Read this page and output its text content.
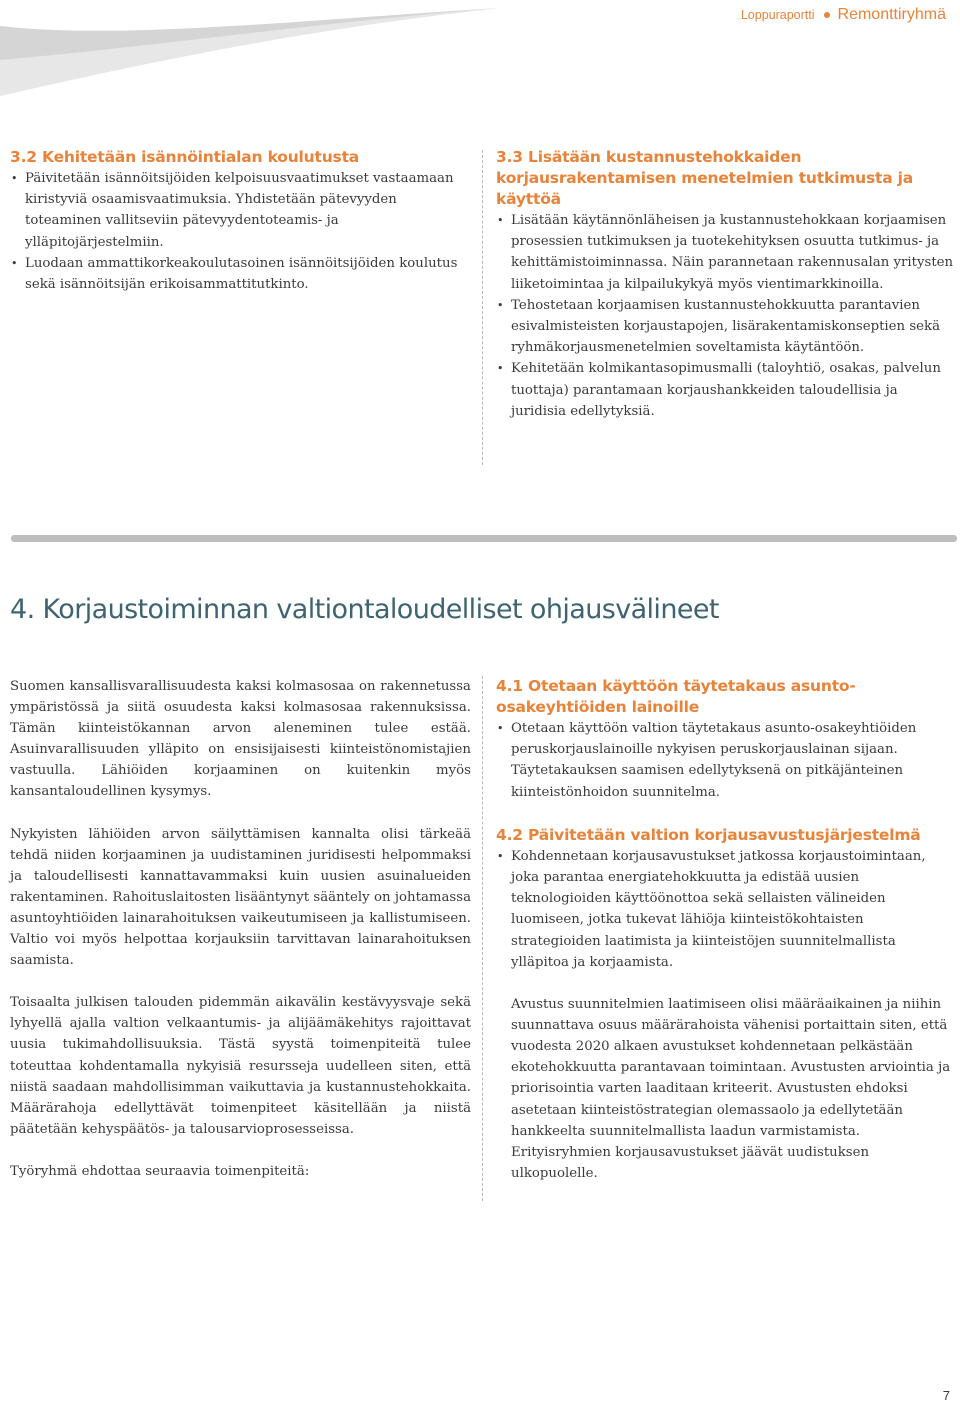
Loppuraportti Remonttiryhmä
3.2 Kehitetään isännöintialan koulutusta
• Päivitetään isännöitsijöiden kelpoisuusvaatimukset vastaamaan kiristyviä osaamisvaatimuksia. Yhdistetään pätevyyden toteaminen vallitseviin pätevyydentoteamis- ja ylläpitojärjestelmiin.
• Luodaan ammattikorkeakoulutasoinen isännöitsijöiden koulutus sekä isännöitsijän erikoisammattitutkinto.
3.3 Lisätään kustannustehokkaiden korjausrakentamisen menetelmien tutkimusta ja käyttöä
• Lisätään käytännönläheisen ja kustannustehokkaan korjaamisen prosessien tutkimuksen ja tuotekehityksen osuutta tutkimus- ja kehittämistoiminnassa. Näin parannetaan rakennusalan yritysten liiketoimintaa ja kilpailukykyä myös vientimarkkinoilla.
• Tehostetaan korjaamisen kustannustehokkuutta parantavien esivalmisteisten korjaustapojen, lisärakentamiskonseptien sekä ryhmäkorjausmenetelmien soveltamista käytäntöön.
• Kehitetään kolmikantasopimusmalli (taloyhtiö, osakas, palvelun tuottaja) parantamaan korjaushankkeiden taloudellisia ja juridisia edellytyksiä.
4. Korjaustoiminnan valtiontaloudelliset ohjausvälineet

Suomen kansallisvarallisuudesta kaksi kolmasosaa on rakennetussa ympäristössä ja siitä osuudesta kaksi kolmasosaa rakennuksissa. Tämän kiinteistökannan arvon aleneminen tulee estää. Asuinvarallisuuden ylläpito on ensisijaisesti kiinteistönomistajien vastuulla. Lähiöiden korjaaminen on kuitenkin myös kansantaloudellinen kysymys.

Nykyisten lähiöiden arvon säilyttämisen kannalta olisi tärkeää tehdä niiden korjaaminen ja uudistaminen juridisesti helpommaksi ja taloudellisesti kannattavammaksi kuin uusien asuinalueiden rakentaminen. Rahoituslaitosten lisääntynyt sääntely on johtamassa asuntoyhtiöiden lainarahoituksen vaikeutumiseen ja kallistumiseen. Valtio voi myös helpottaa korjauksiin tarvittavan lainarahoituksen saamista.

Toisaalta julkisen talouden pidemmän aikavälin kestävyysvaje sekä lyhyellä ajalla valtion velkaantumis- ja alijäämäkehitys rajoittavat uusia tukimahdollisuuksia. Tästä syystä toimenpiteitä tulee toteuttaa kohdentamalla nykyisiä resursseja uudelleen siten, että niistä saadaan mahdollisimman vaikuttavia ja kustannustehokkaita. Määrärahoja edellyttävät toimenpiteet käsitellään ja niistä päätetään kehyspäätös- ja talousarvioprosesseissa.

Työryhmä ehdottaa seuraavia toimenpiteitä:

4.1 Otetaan käyttöön täytetakaus asunto-osakeyhtiöiden lainoille
• Otetaan käyttöön valtion täytetakaus asunto-osakeyhtiöiden peruskorjauslainoille nykyisen peruskorjauslainan sijaan. Täytetakauksen saamisen edellytyksenä on pitkäjänteinen kiinteistönhoidon suunnitelma.
4.2 Päivitetään valtion korjausavustusjärjestelmä
• Kohdennetaan korjausavustukset jatkossa korjaustoimintaan, joka parantaa energiatehokkuutta ja edistää uusien teknologioiden käyttöönottoa sekä sellaisten välineiden luomiseen, jotka tukevat lähiöja kiinteistökohtaisten strategioiden laatimista ja kiinteistöjen suunnitelmallista ylläpitoa ja korjaamista.

Avustus suunnitelmien laatimiseen olisi määräaikainen ja niihin suunnattava osuus määrärahoista vähenisi portaittain siten, että vuodesta 2020 alkaen avustukset kohdennetaan pelkästään ekotehokkuutta parantavaan toimintaan. Avustusten arviointia ja priorisointia varten laaditaan kriteerit. Avustusten ehdoksi asetetaan kiinteistöstrategian olemassaolo ja edellytetään hankkeelta suunnitelmallista laadun varmistamista. Erityisryhmien korjausavustukset jäävät uudistuksen ulkopuolelle.

7
